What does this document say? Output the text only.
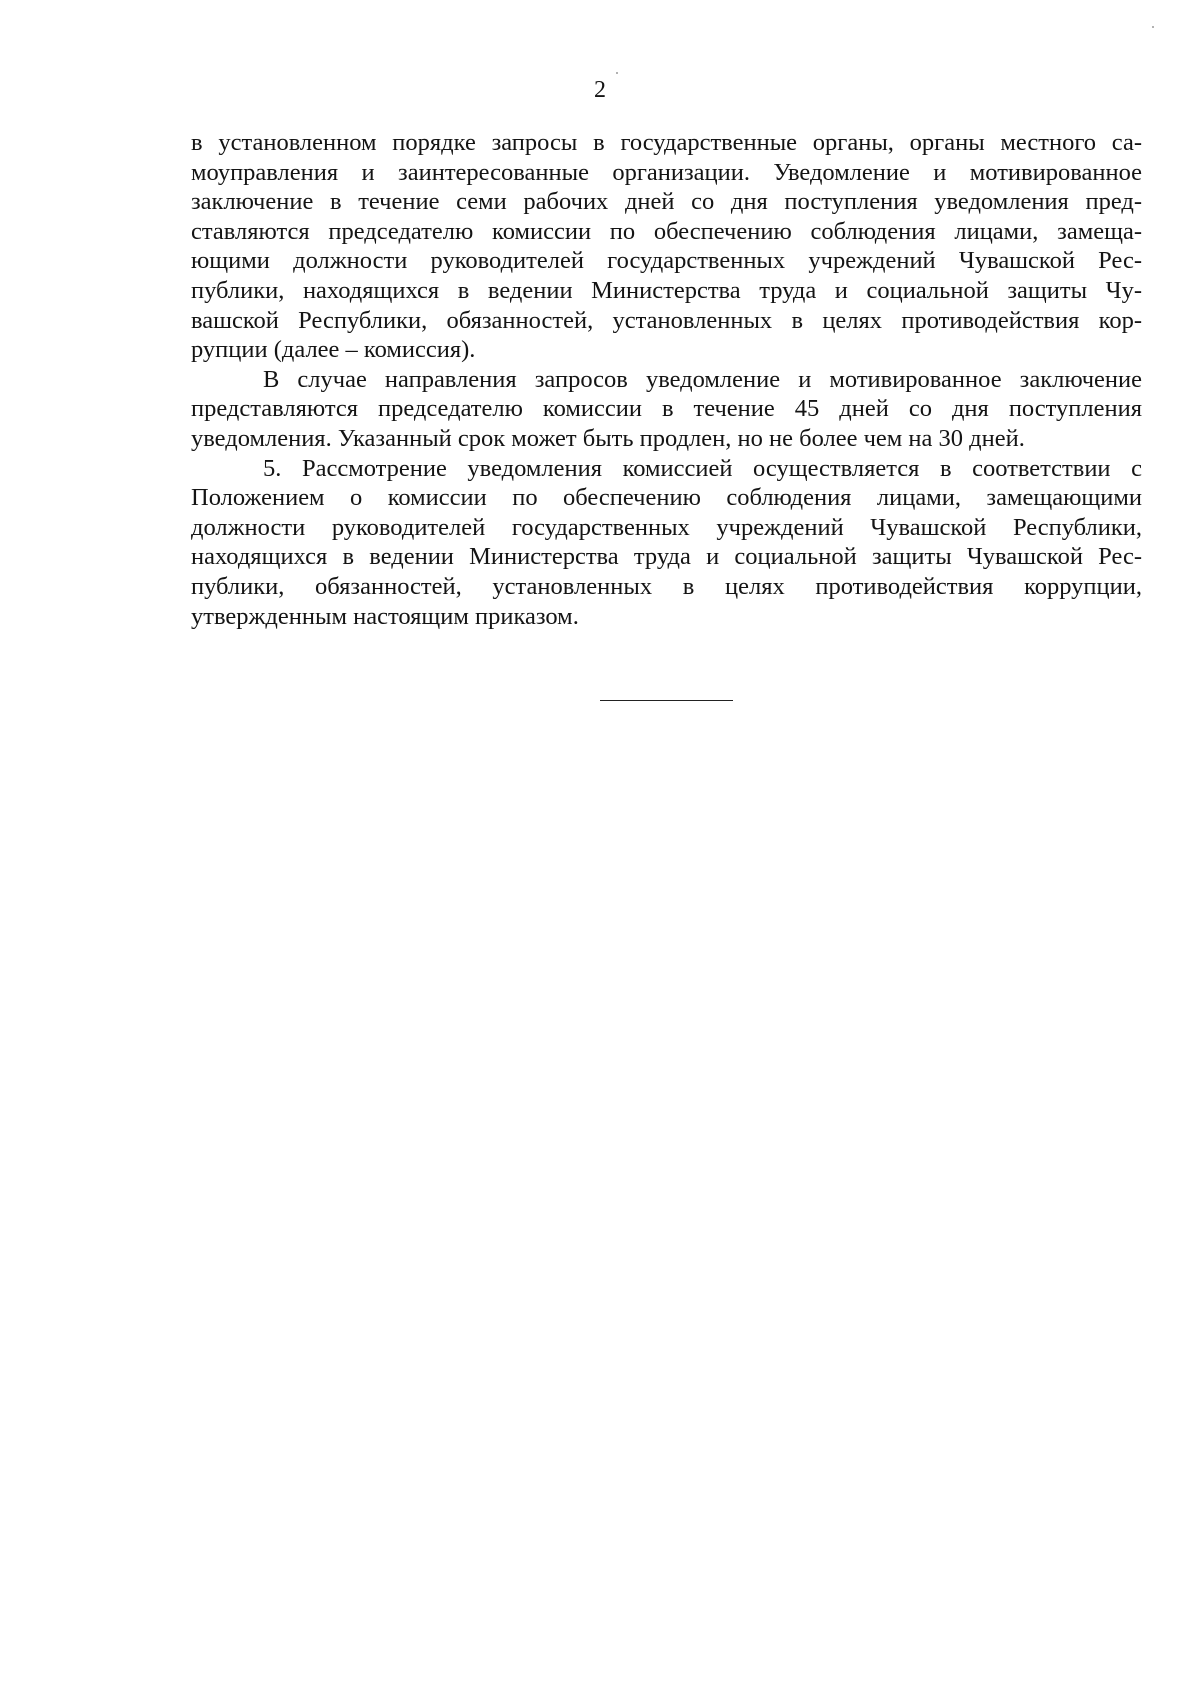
2
в установленном порядке запросы в государственные органы, органы местного са-
моуправления и заинтересованные организации. Уведомление и мотивированное
заключение в течение семи рабочих дней со дня поступления уведомления пред-
ставляются председателю комиссии по обеспечению соблюдения лицами, замеща-
ющими должности руководителей государственных учреждений Чувашской Рес-
публики, находящихся в ведении Министерства труда и социальной защиты Чу-
вашской Республики, обязанностей, установленных в целях противодействия кор-
рупции (далее – комиссия).
В случае направления запросов уведомление и мотивированное заключение
представляются председателю комиссии в течение 45 дней со дня поступления
уведомления. Указанный срок может быть продлен, но не более чем на 30 дней.
5. Рассмотрение уведомления комиссией осуществляется в соответствии с
Положением о комиссии по обеспечению соблюдения лицами, замещающими
должности руководителей государственных учреждений Чувашской Республики,
находящихся в ведении Министерства труда и социальной защиты Чувашской Рес-
публики, обязанностей, установленных в целях противодействия коррупции,
утвержденным настоящим приказом.
